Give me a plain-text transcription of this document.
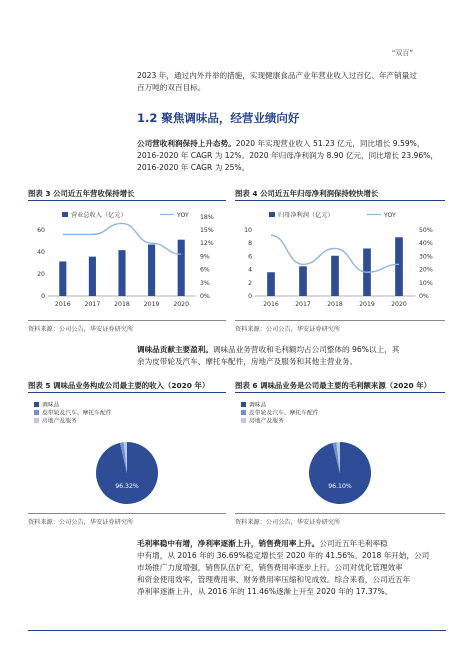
“双百”
2023 年，通过内外并举的措施，实现健康食品产业年营业收入过百亿、年产销量过
百万吨的双百目标。
1.2 聚焦调味品，经营业绩向好
公司营收利润保持上升态势。2020 年实现营业收入 51.23 亿元，同比增长 9.59%，
2016-2020 年 CAGR 为 12%。2020 年归母净利润为 8.90 亿元，同比增长 23.96%，
2016-2020 年 CAGR 为 25%。
图表 3 公司近五年营收保持增长
营业总收入（亿元）	YOY
0
20
40
60
0%
3%
6%
9%
12%
15%
18%
2016 2017 2018 2019 2020
资料来源：公司公告，华安证券研究所
图表 4 公司近五年归母净利润保持较快增长
归母净利润（亿元）	YOY
0
2
4
6
8
10
0%
10%
20%
30%
40%
50%
2016	2017	2018	2019	2020
资料来源：公司公告，华安证券研究所
调味品贡献主要盈利。调味品业务营收和毛利额均占公司整体的 96%以上，其
余为皮带轮及汽车、摩托车配件，房地产及服务和其他主营业务。
图表 5 调味品业务构成公司最主要的收入（2020 年）
调味品
皮带轮及汽车、摩托车配件
房地产及服务
96.32%
资料来源：公司公告，华安证券研究所
图表 6 调味品业务是公司最主要的毛利额来源（2020 年）
调味品
皮带轮及汽车、摩托车配件
房地产及服务
96.10%
资料来源：公司公告，华安证券研究所
毛利率稳中有增，净利率逐渐上升，销售费用率上升。公司近五年毛利率稳
中有增，从 2016 年的 36.69%稳定增长至 2020 年的 41.56%。2018 年开始，公司
市场推广力度增强，销售队伍扩充，销售费用率逐步上行。公司对优化管理效率
和资金使用效率，管理费用率、财务费用率压缩和见成效。综合来看，公司近五年
净利率逐渐上升，从 2016 年的 11.46%逐渐上升至 2020 年的 17.37%。
